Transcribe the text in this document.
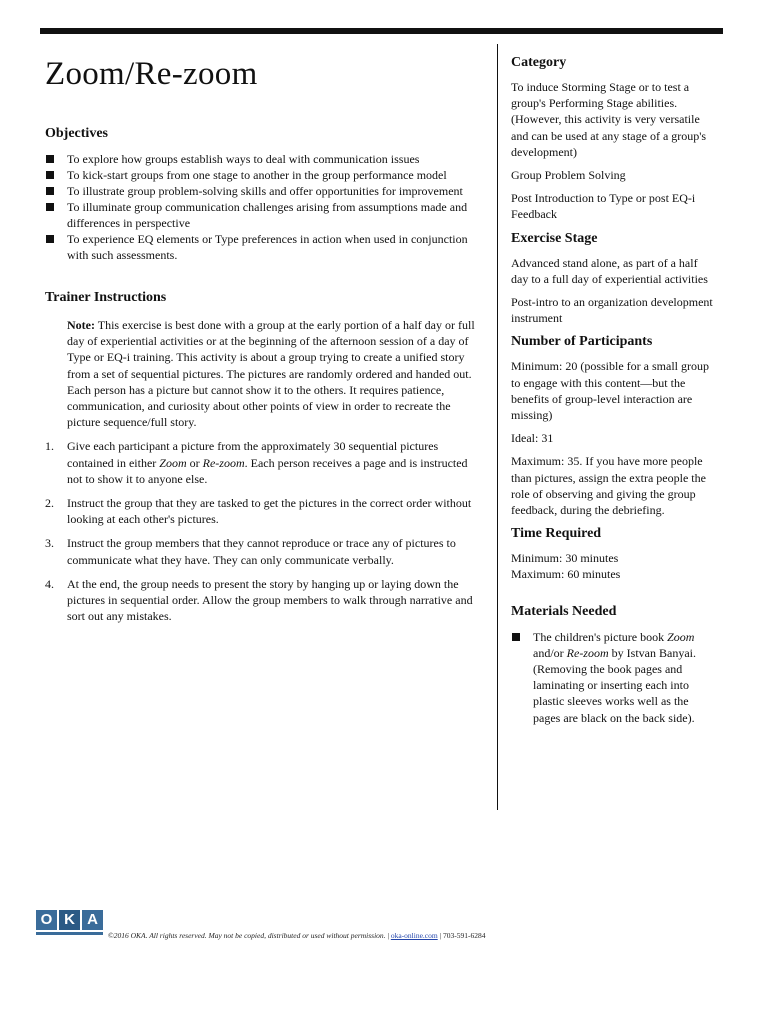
Zoom/Re-zoom
Objectives
To explore how groups establish ways to deal with communication issues
To kick-start groups from one stage to another in the group performance model
To illustrate group problem-solving skills and offer opportunities for improvement
To illuminate group communication challenges arising from assumptions made and differences in perspective
To experience EQ elements or Type preferences in action when used in conjunction with such assessments.
Trainer Instructions

Note: This exercise is best done with a group at the early portion of a half day or full day of experiential activities or at the beginning of the afternoon session of a day of Type or EQ-i training. This activity is about a group trying to create a unified story from a set of sequential pictures. The pictures are randomly ordered and handed out. Each person has a picture but cannot show it to the others. It requires patience, communication, and curiosity about other points of view in order to recreate the picture sequence/full story.

1. Give each participant a picture from the approximately 30 sequential pictures contained in either Zoom or Re-zoom. Each person receives a page and is instructed not to show it to anyone else.
2. Instruct the group that they are tasked to get the pictures in the correct order without looking at each other's pictures.
3. Instruct the group members that they cannot reproduce or trace any of pictures to communicate what they have. They can only communicate verbally.
4. At the end, the group needs to present the story by hanging up or laying down the pictures in sequential order. Allow the group members to walk through narrative and sort out any mistakes.
Category

To induce Storming Stage or to test a group's Performing Stage abilities. (However, this activity is very versatile and can be used at any stage of a group's development)

Group Problem Solving

Post Introduction to Type or post EQ-i Feedback

Exercise Stage

Advanced stand alone, as part of a half day to a full day of experiential activities

Post-intro to an organization development instrument

Number of Participants

Minimum: 20 (possible for a small group to engage with this content—but the benefits of group-level interaction are missing)

Ideal: 31

Maximum: 35. If you have more people than pictures, assign the extra people the role of observing and giving the group feedback, during the debriefing.

Time Required
Minimum: 30 minutes
Maximum: 60 minutes
Materials Needed
The children's picture book Zoom and/or Re-zoom by Istvan Banyai. (Removing the book pages and laminating or inserting each into plastic sleeves works well as the pages are black on the back side).
O K A
©2016 OKA. All rights reserved. May not be copied, distributed or used without permission. | oka-online.com | 703-591-6284
